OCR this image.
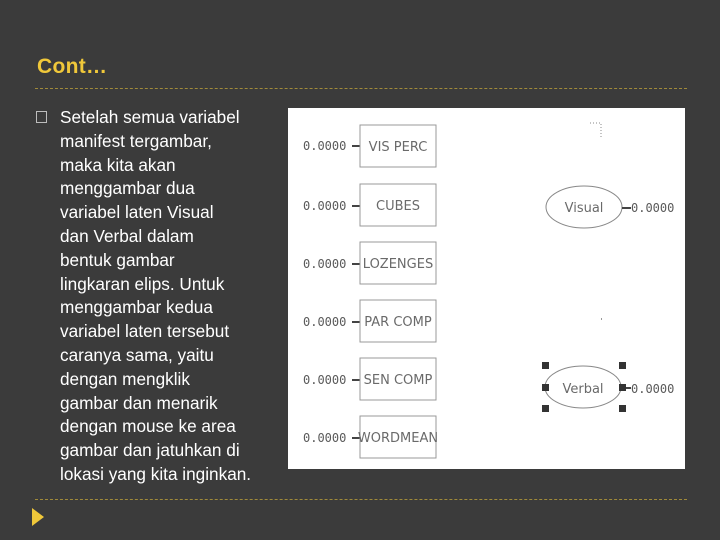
Cont…
Setelah semua variabel
manifest tergambar,
maka kita akan
menggambar dua
variabel laten Visual
dan Verbal dalam
bentuk gambar
lingkaran elips. Untuk
menggambar kedua
variabel laten tersebut
caranya sama, yaitu
dengan mengklik
gambar dan menarik
dengan mouse ke area
gambar dan jatuhkan di
lokasi yang kita inginkan.
0.0000 VIS PERC
0.0000 CUBES
0.0000 LOZENGES
0.0000 PAR COMP
0.0000 SEN COMP
0.0000 WORDMEAN
Visual 0.0000
Verbal 0.0000
